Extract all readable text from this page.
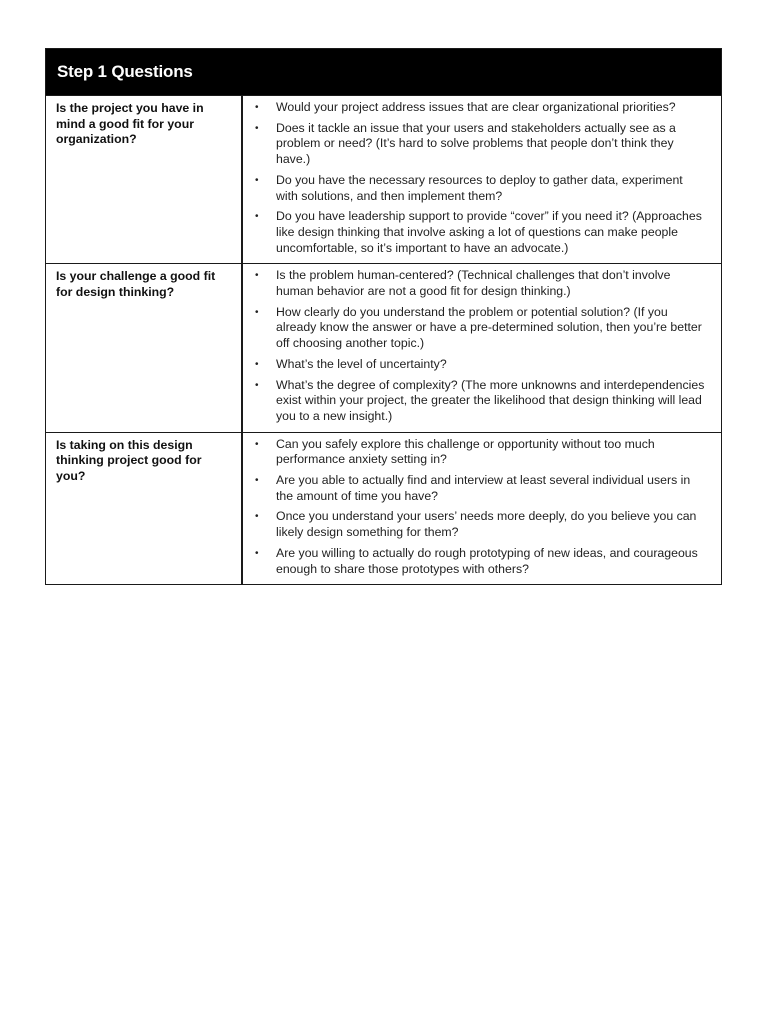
Step 1 Questions
Is the project you have in mind a good fit for your organization?
•	Would your project address issues that are clear organizational priorities?
•	Does it tackle an issue that your users and stakeholders actually see as a problem or need? (It’s hard to solve problems that people don’t think they have.)
•	Do you have the necessary resources to deploy to gather data, experiment with solutions, and then implement them?
•	Do you have leadership support to provide “cover” if you need it? (Approaches like design thinking that involve asking a lot of questions can make people uncomfortable, so it’s important to have an advocate.)
Is your challenge a good fit for design thinking?
•	Is the problem human-centered? (Technical challenges that don’t involve human behavior are not a good fit for design thinking.)
•	How clearly do you understand the problem or potential solution? (If you already know the answer or have a pre-determined solution, then you’re better off choosing another topic.)
•	What’s the level of uncertainty?
•	What’s the degree of complexity? (The more unknowns and interdependencies exist within your project, the greater the likelihood that design thinking will lead you to a new insight.)
Is taking on this design thinking project good for you?
•	Can you safely explore this challenge or opportunity without too much performance anxiety setting in?
•	Are you able to actually find and interview at least several individual users in the amount of time you have?
•	Once you understand your users’ needs more deeply, do you believe you can likely design something for them?
•	Are you willing to actually do rough prototyping of new ideas, and courageous enough to share those prototypes with others?
